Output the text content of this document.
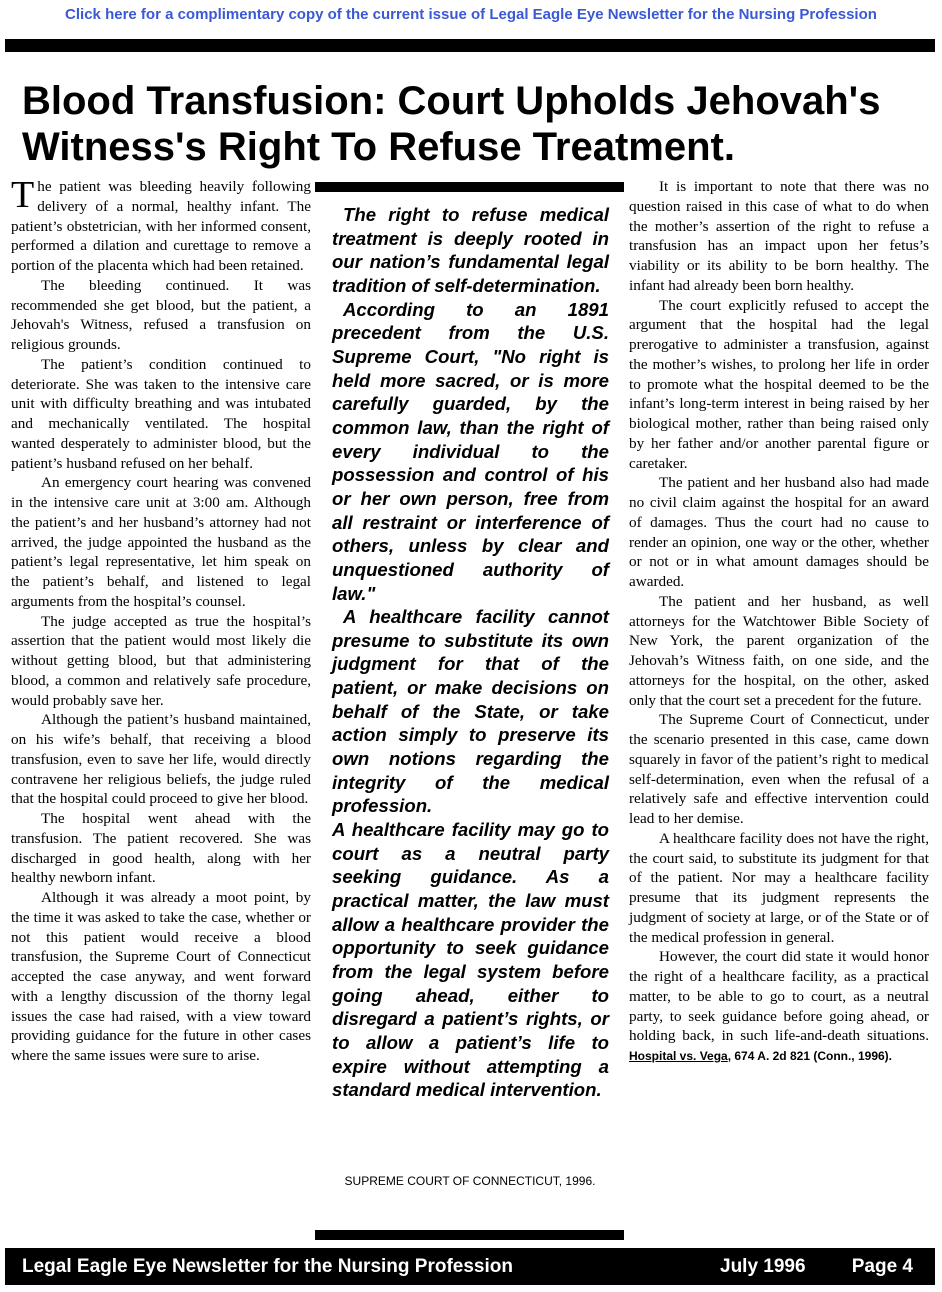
Click here for a complimentary copy of the current issue of Legal Eagle Eye Newsletter for the Nursing Profession
Blood Transfusion: Court Upholds Jehovah's Witness's Right To Refuse Treatment.

The patient was bleeding heavily following delivery of a normal, healthy infant. The patient’s obstetrician, with her informed consent, performed a dilation and curettage to remove a portion of the placenta which had been retained.

The bleeding continued. It was recommended she get blood, but the patient, a Jehovah's Witness, refused a transfusion on religious grounds.

The patient’s condition continued to deteriorate. She was taken to the intensive care unit with difficulty breathing and was intubated and mechanically ventilated. The hospital wanted desperately to administer blood, but the patient’s husband refused on her behalf.

An emergency court hearing was convened in the intensive care unit at 3:00 am. Although the patient’s and her husband’s attorney had not arrived, the judge appointed the husband as the patient’s legal representative, let him speak on the patient’s behalf, and listened to legal arguments from the hospital’s counsel.

The judge accepted as true the hospital’s assertion that the patient would most likely die without getting blood, but that administering blood, a common and relatively safe procedure, would probably save her.

Although the patient’s husband maintained, on his wife’s behalf, that receiving a blood transfusion, even to save her life, would directly contravene her religious beliefs, the judge ruled that the hospital could proceed to give her blood.

The hospital went ahead with the transfusion. The patient recovered. She was discharged in good health, along with her healthy newborn infant.

Although it was already a moot point, by the time it was asked to take the case, whether or not this patient would receive a blood transfusion, the Supreme Court of Connecticut accepted the case anyway, and went forward with a lengthy discussion of the thorny legal issues the case had raised, with a view toward providing guidance for the future in other cases where the same issues were sure to arise.

The right to refuse medical treatment is deeply rooted in our nation’s fundamental legal tradition of self-determination.

According to an 1891 precedent from the U.S. Supreme Court, "No right is held more sacred, or is more carefully guarded, by the common law, than the right of every individual to the possession and control of his or her own person, free from all restraint or interference of others, unless by clear and unquestioned authority of law."

A healthcare facility cannot presume to substitute its own judgment for that of the patient, or make decisions on behalf of the State, or take action simply to preserve its own notions regarding the integrity of the medical profession.

A healthcare facility may go to court as a neutral party seeking guidance. As a practical matter, the law must allow a healthcare provider the opportunity to seek guidance from the legal system before going ahead, either to disregard a patient’s rights, or to allow a patient’s life to expire without attempting a standard medical intervention.

SUPREME COURT OF CONNECTICUT, 1996.

It is important to note that there was no question raised in this case of what to do when the mother’s assertion of the right to refuse a transfusion has an impact upon her fetus’s viability or its ability to be born healthy. The infant had already been born healthy.

The court explicitly refused to accept the argument that the hospital had the legal prerogative to administer a transfusion, against the mother’s wishes, to prolong her life in order to promote what the hospital deemed to be the infant’s long-term interest in being raised by her biological mother, rather than being raised only by her father and/or another parental figure or caretaker.

The patient and her husband also had made no civil claim against the hospital for an award of damages. Thus the court had no cause to render an opinion, one way or the other, whether or not or in what amount damages should be awarded.

The patient and her husband, as well attorneys for the Watchtower Bible Society of New York, the parent organization of the Jehovah’s Witness faith, on one side, and the attorneys for the hospital, on the other, asked only that the court set a precedent for the future.

The Supreme Court of Connecticut, under the scenario presented in this case, came down squarely in favor of the patient’s right to medical self-determination, even when the refusal of a relatively safe and effective intervention could lead to her demise.

A healthcare facility does not have the right, the court said, to substitute its judgment for that of the patient. Nor may a healthcare facility presume that its judgment represents the judgment of society at large, or of the State or of the medical profession in general.

However, the court did state it would honor the right of a healthcare facility, as a practical matter, to be able to go to court, as a neutral party, to seek guidance before going ahead, or holding back, in such life-and-death situations. Hospital vs. Vega, 674 A. 2d 821 (Conn., 1996).

Legal Eagle Eye Newsletter for the Nursing Profession	July 1996 Page 4
